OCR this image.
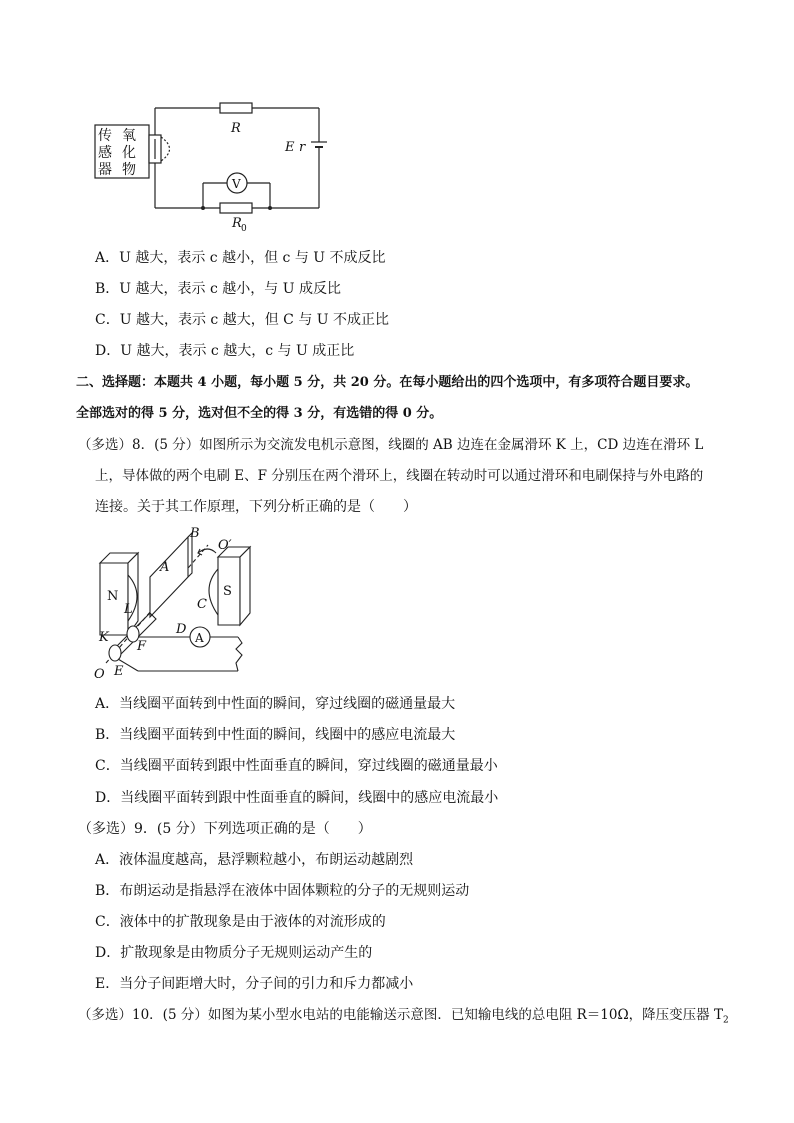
传
感
器
氧
化
物
R
E r
R 0
V
A．U 越大，表示 c 越小，但 c 与 U 不成反比
B．U 越大，表示 c 越小，与 U 成反比
C．U 越大，表示 c 越大，但 C 与 U 不成正比
D．U 越大，表示 c 越大，c 与 U 成正比
二、选择题：本题共 4 小题，每小题 5 分，共 20 分。在每小题给出的四个选项中，有多项符合题目要求。
全部选对的得 5 分，选对但不全的得 3 分，有选错的得 0 分。
（多选）8．(5 分）如图所示为交流发电机示意图，线圈的 AB 边连在金属滑环 K 上，CD 边连在滑环 L
上，导体做的两个电刷 E、F 分别压在两个滑环上，线圈在转动时可以通过滑环和电刷保持与外电路的
连接。关于其工作原理，下列分析正确的是（　　）
N	S
A
B
C
D
L
K
F
E
O
O′
A
A．当线圈平面转到中性面的瞬间，穿过线圈的磁通量最大
B．当线圈平面转到中性面的瞬间，线圈中的感应电流最大
C．当线圈平面转到跟中性面垂直的瞬间，穿过线圈的磁通量最小
D．当线圈平面转到跟中性面垂直的瞬间，线圈中的感应电流最小
（多选）9．(5 分）下列选项正确的是（　　）
A．液体温度越高，悬浮颗粒越小，布朗运动越剧烈
B．布朗运动是指悬浮在液体中固体颗粒的分子的无规则运动
C．液体中的扩散现象是由于液体的对流形成的
D．扩散现象是由物质分子无规则运动产生的
E．当分子间距增大时，分子间的引力和斥力都减小
（多选）10．(5 分）如图为某小型水电站的电能输送示意图．已知输电线的总电阻 R＝10Ω，降压变压器 $T_2$
